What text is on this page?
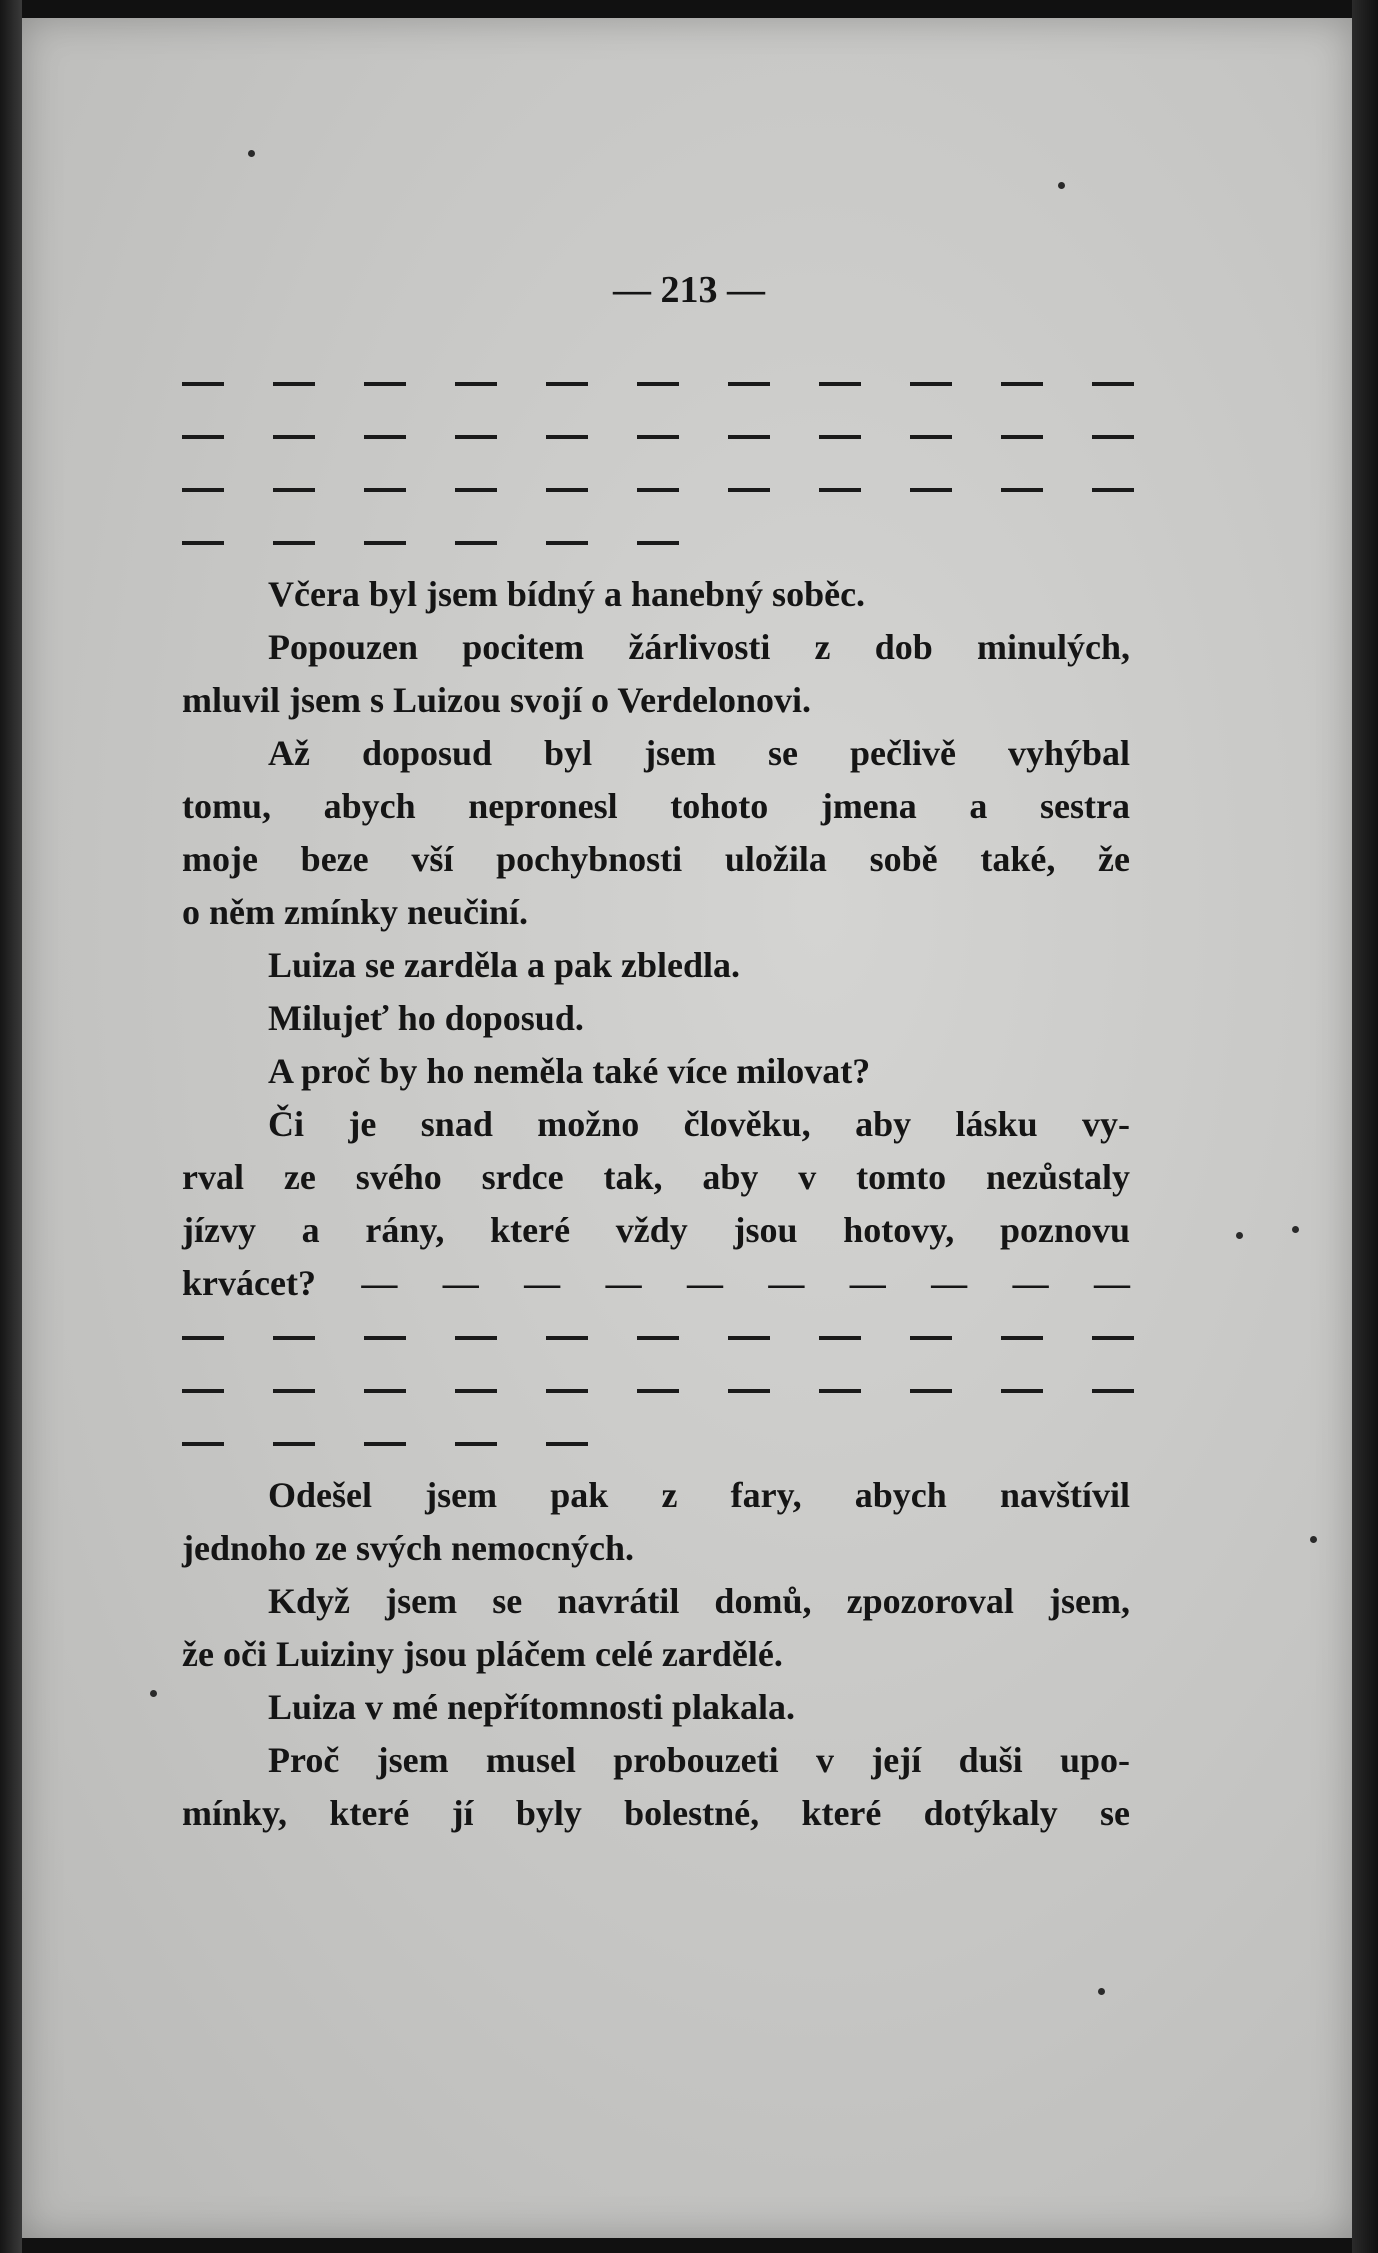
— 213 —
Včera byl jsem bídný a hanebný soběc.
Popouzen pocitem žárlivosti z dob minulých,
mluvil jsem s Luizou svojí o Verdelonovi.
Až doposud byl jsem se pečlivě vyhýbal
tomu, abych nepronesl tohoto jmena a sestra
moje beze vší pochybnosti uložila sobě také, že
o něm zmínky neučiní.
Luiza se zarděla a pak zbledla.
Milujeť ho doposud.
A proč by ho neměla také více milovat?
Či je snad možno člověku, aby lásku vy-
rval ze svého srdce tak, aby v tomto nezůstaly
jízvy a rány, které vždy jsou hotovy, poznovu
krvácet? — — — — — — — — — —
Odešel jsem pak z fary, abych navštívil
jednoho ze svých nemocných.
Když jsem se navrátil domů, zpozoroval jsem,
že oči Luiziny jsou pláčem celé zardělé.
Luiza v mé nepřítomnosti plakala.
Proč jsem musel probouzeti v její duši upo-
mínky, které jí byly bolestné, které dotýkaly se
